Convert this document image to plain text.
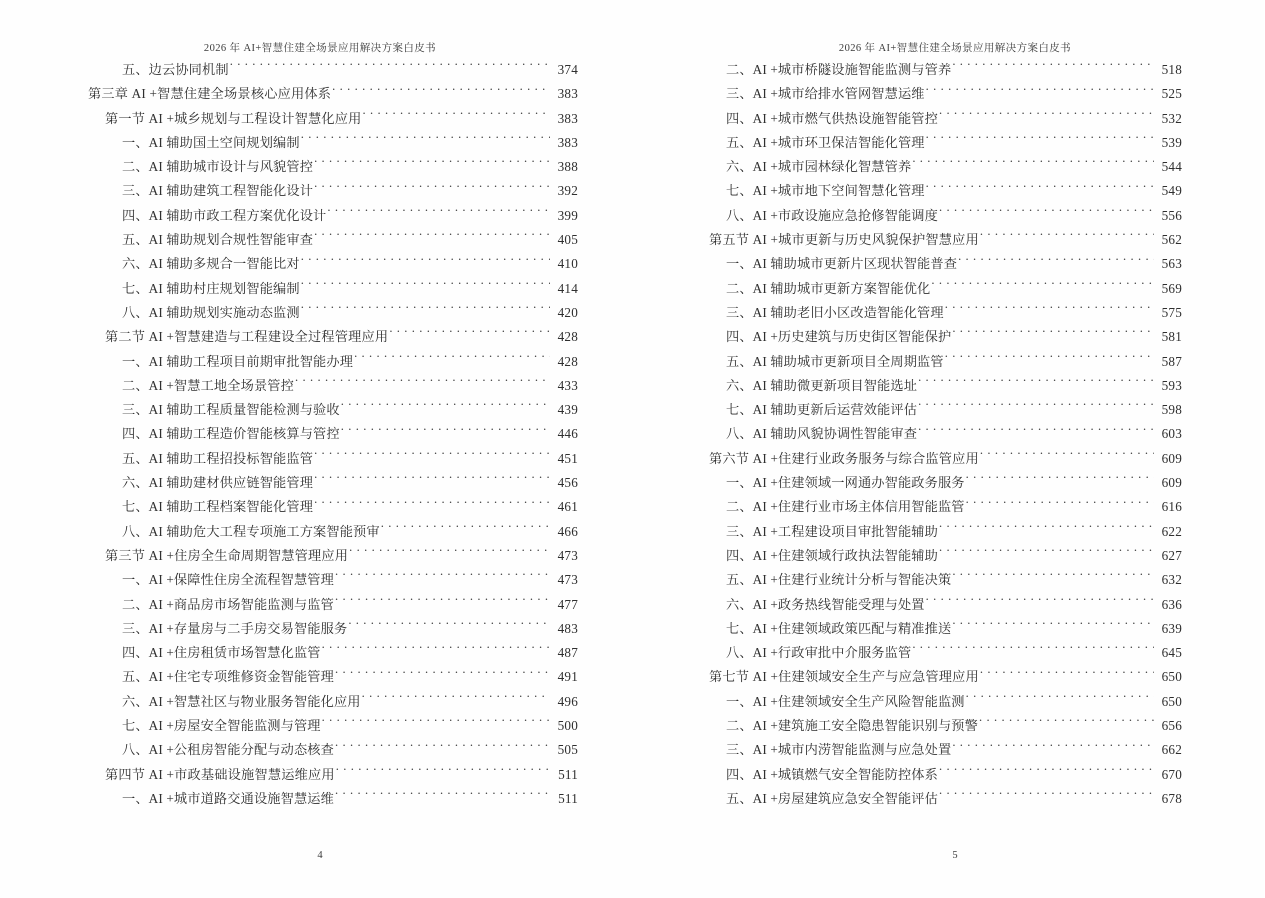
2026 年 AI+智慧住建全场景应用解决方案白皮书
五、边云协同机制 . . .	374
第三章 AI +智慧住建全场景核心应用体系 . . .	383
第一节 AI +城乡规划与工程设计智慧化应用 . . .	383
一、AI 辅助国土空间规划编制 . . .	383
二、AI 辅助城市设计与风貌管控 . . .	388
三、AI 辅助建筑工程智能化设计 . . .	392
四、AI 辅助市政工程方案优化设计 . . .	399
五、AI 辅助规划合规性智能审查 . . .	405
六、AI 辅助多规合一智能比对 . . .	410
七、AI 辅助村庄规划智能编制 . . .	414
八、AI 辅助规划实施动态监测 . . .	420
第二节 AI +智慧建造与工程建设全过程管理应用 . . .	428
一、AI 辅助工程项目前期审批智能办理 . . .	428
二、AI +智慧工地全场景管控 . . .	433
三、AI 辅助工程质量智能检测与验收 . . .	439
四、AI 辅助工程造价智能核算与管控 . . .	446
五、AI 辅助工程招投标智能监管 . . .	451
六、AI 辅助建材供应链智能管理 . . .	456
七、AI 辅助工程档案智能化管理 . . .	461
八、AI 辅助危大工程专项施工方案智能预审 . . .	466
第三节 AI +住房全生命周期智慧管理应用 . . .	473
一、AI +保障性住房全流程智慧管理 . . .	473
二、AI +商品房市场智能监测与监管 . . .	477
三、AI +存量房与二手房交易智能服务 . . .	483
四、AI +住房租赁市场智慧化监管 . . .	487
五、AI +住宅专项维修资金智能管理 . . .	491
六、AI +智慧社区与物业服务智能化应用 . . .	496
七、AI +房屋安全智能监测与管理 . . .	500
八、AI +公租房智能分配与动态核查 . . .	505
第四节 AI +市政基础设施智慧运维应用 . . .	511
一、AI +城市道路交通设施智慧运维 . . .	511
4
2026 年 AI+智慧住建全场景应用解决方案白皮书
二、AI +城市桥隧设施智能监测与管养 . . .	518
三、AI +城市给排水管网智慧运维 . . .	525
四、AI +城市燃气供热设施智能管控 . . .	532
五、AI +城市环卫保洁智能化管理 . . .	539
六、AI +城市园林绿化智慧管养 . . .	544
七、AI +城市地下空间智慧化管理 . . .	549
八、AI +市政设施应急抢修智能调度 . . .	556
第五节 AI +城市更新与历史风貌保护智慧应用 . . .	562
一、AI 辅助城市更新片区现状智能普查 . . .	563
二、AI 辅助城市更新方案智能优化 . . .	569
三、AI 辅助老旧小区改造智能化管理 . . .	575
四、AI +历史建筑与历史街区智能保护 . . .	581
五、AI 辅助城市更新项目全周期监管 . . .	587
六、AI 辅助微更新项目智能选址 . . .	593
七、AI 辅助更新后运营效能评估 . . .	598
八、AI 辅助风貌协调性智能审查 . . .	603
第六节 AI +住建行业政务服务与综合监管应用 . . .	609
一、AI +住建领域一网通办智能政务服务 . . .	609
二、AI +住建行业市场主体信用智能监管 . . .	616
三、AI +工程建设项目审批智能辅助 . . .	622
四、AI +住建领域行政执法智能辅助 . . .	627
五、AI +住建行业统计分析与智能决策 . . .	632
六、AI +政务热线智能受理与处置 . . .	636
七、AI +住建领域政策匹配与精准推送 . . .	639
八、AI +行政审批中介服务监管 . . .	645
第七节 AI +住建领域安全生产与应急管理应用 . . .	650
一、AI +住建领域安全生产风险智能监测 . . .	650
二、AI +建筑施工安全隐患智能识别与预警 . . .	656
三、AI +城市内涝智能监测与应急处置 . . .	662
四、AI +城镇燃气安全智能防控体系 . . .	670
五、AI +房屋建筑应急安全智能评估 . . .	678
5
